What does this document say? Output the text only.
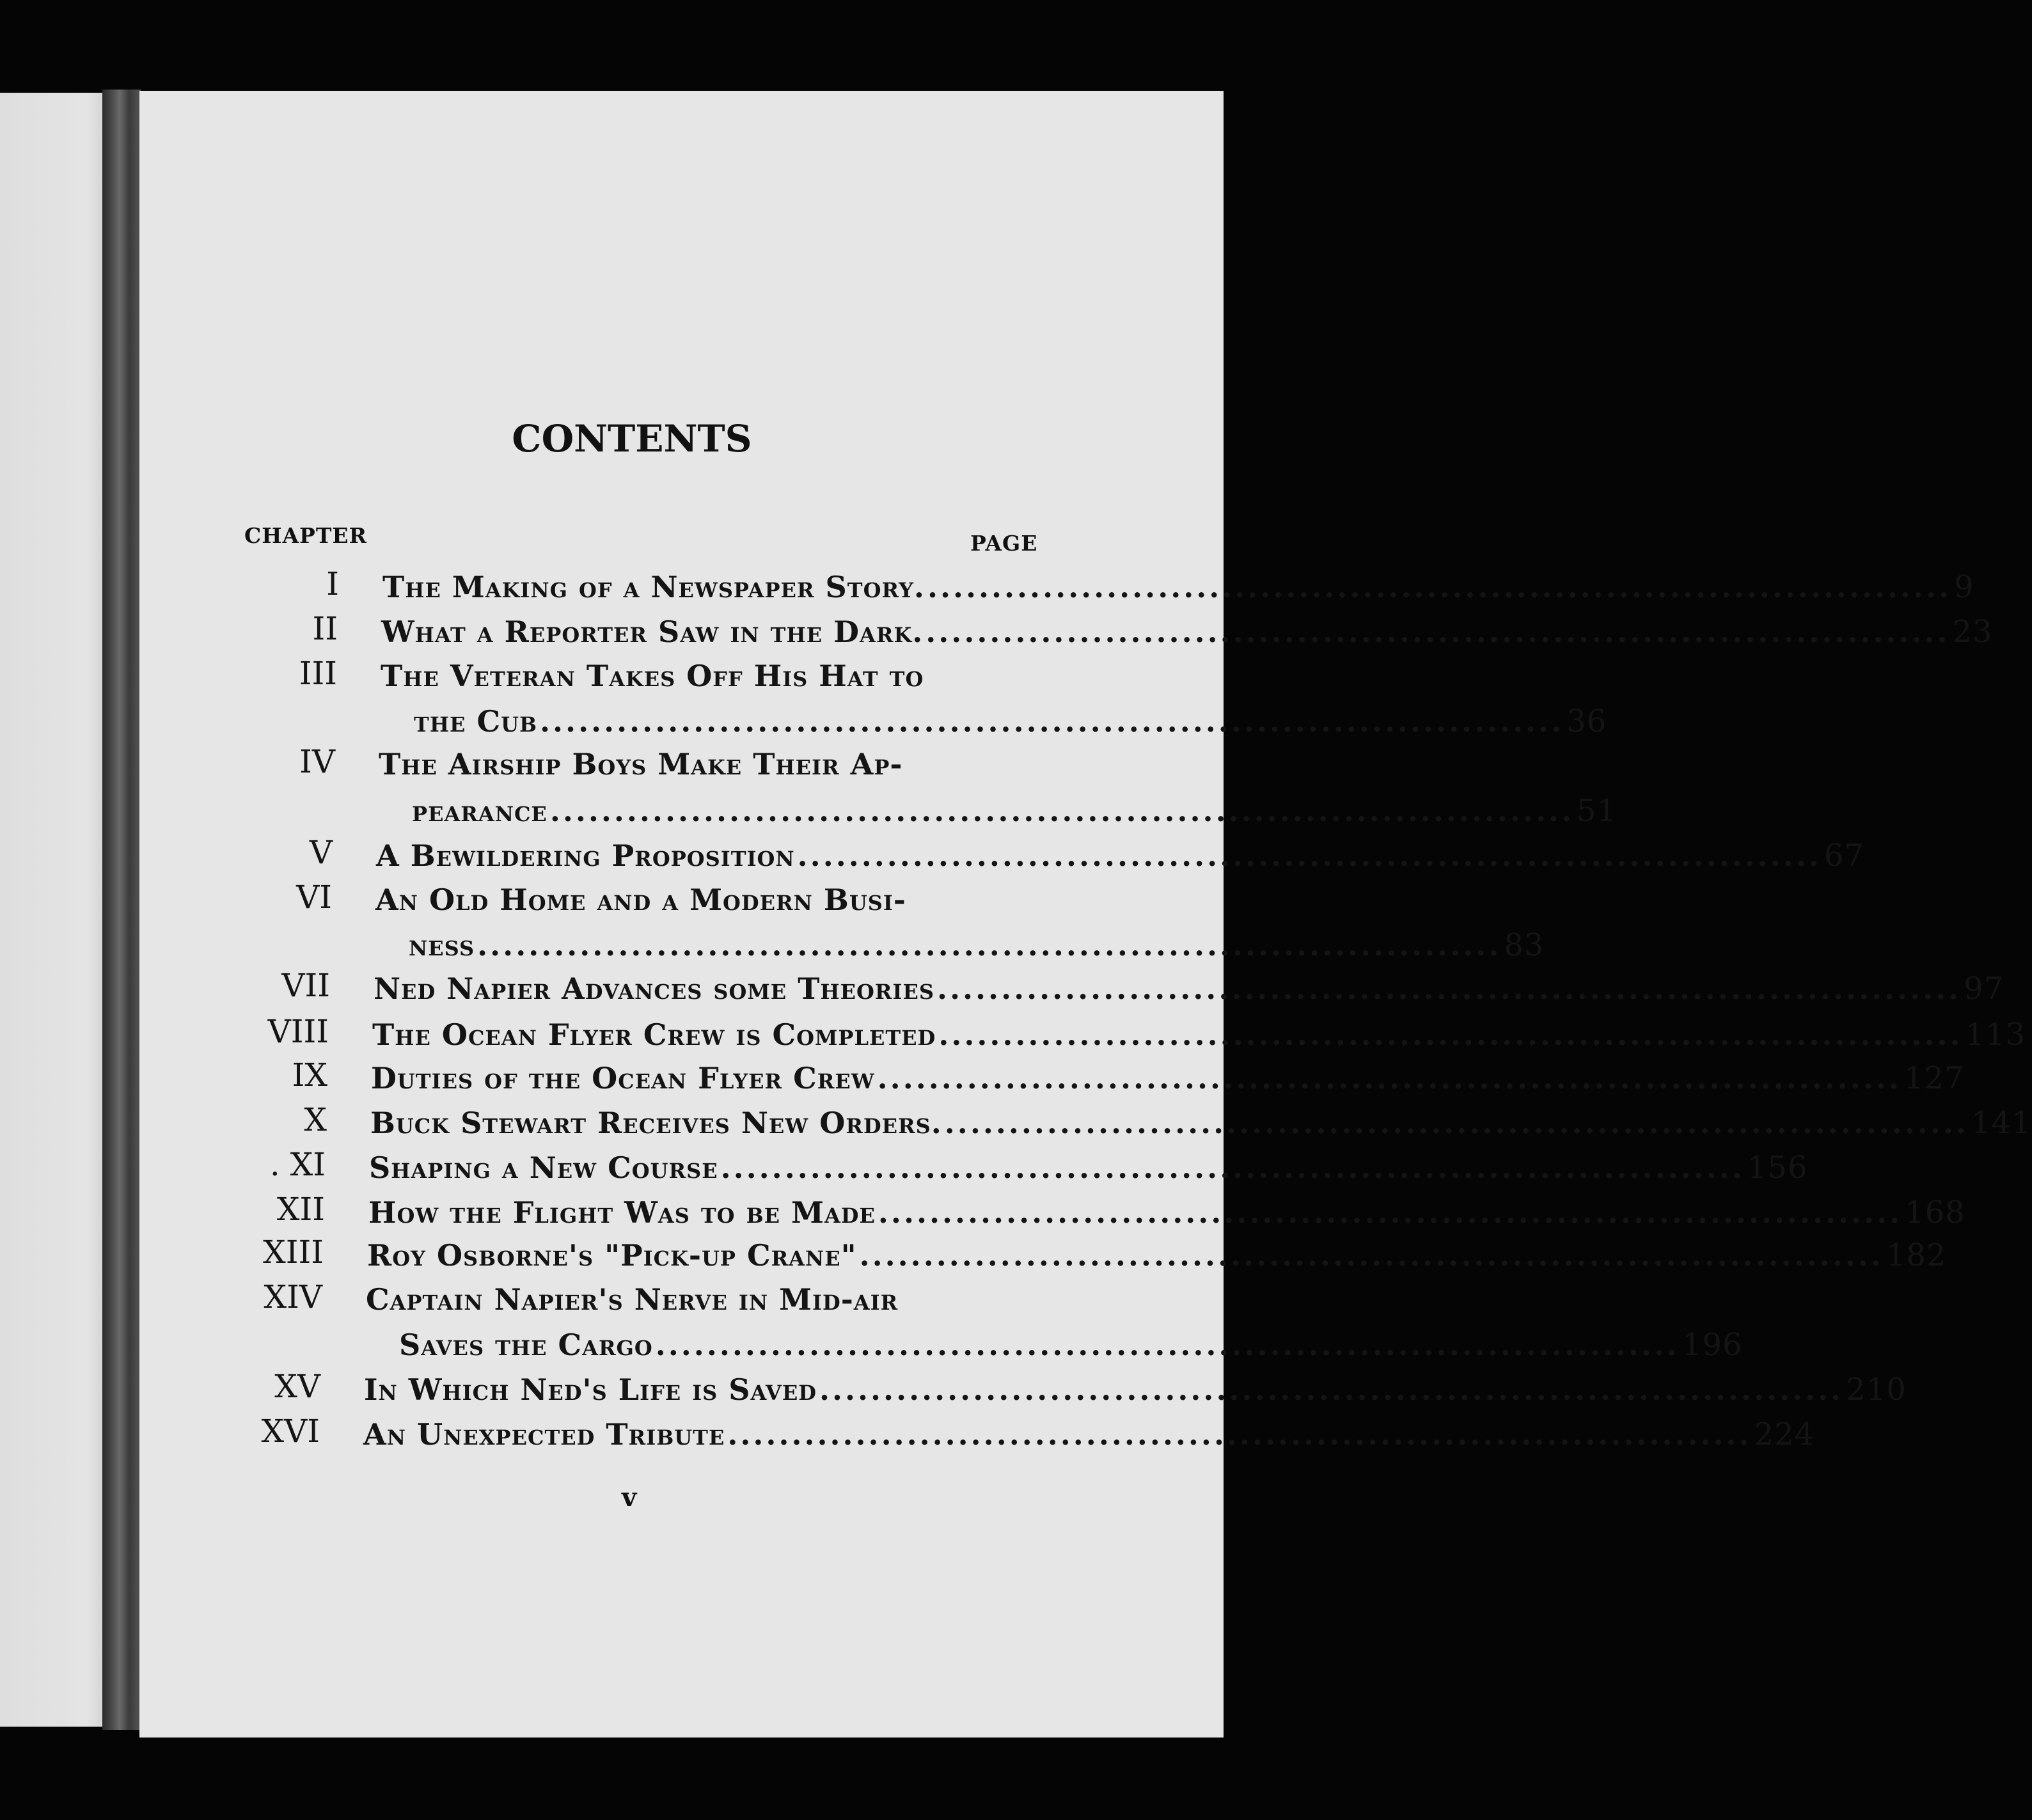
CONTENTS
CHAPTER	PAGE
I The Making of a Newspaper Story. ................................................................................ 9
II What a Reporter Saw in the Dark. ................................................................................ 23
III The Veteran Takes Off His Hat to
the Cub ................................................................................ 36
IV The Airship Boys Make Their Ap-
pearance ................................................................................ 51
V A Bewildering Proposition ................................................................................ 67
VI An Old Home and a Modern Busi-
ness ................................................................................ 83
VII Ned Napier Advances some Theories ................................................................................ 97
VIII The Ocean Flyer Crew is Completed ................................................................................ 113
IX Duties of the Ocean Flyer Crew ................................................................................ 127
X Buck Stewart Receives New Orders. ................................................................................ 141
. XI Shaping a New Course ................................................................................ 156
XII How the Flight Was to be Made ................................................................................ 168
XIII Roy Osborne's "Pick-up Crane" ................................................................................ 182
XIV Captain Napier's Nerve in Mid-air
Saves the Cargo ................................................................................ 196
XV In Which Ned's Life is Saved ................................................................................ 210
XVI An Unexpected Tribute ................................................................................ 224
v
